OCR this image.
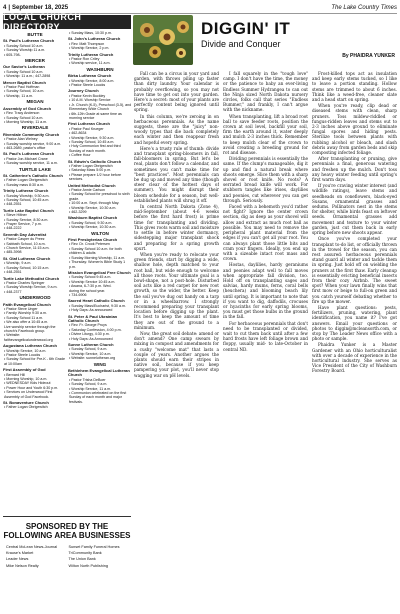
4 | September 18, 2025	The Lake Country Times
LOCAL CHURCH DIRECTORY
BUTTE
St. Paul's Lutheran Church
• Sunday School 10 a.m.
• Sunday Worship 11 a.m.
• 605-798-
MERCER
Our Savior's Lutheran
• Sunday School 10 a.m.
• Worship: 11 a.m.; 447-2898
Mercer Baptist Church
• Pastor Paul Hoffman
• Sunday School, 10 a.m.
• Worship, 11 a.m.
MEGAN
Assembly of God Church
• Rev. Tracy Anderson
• Sunday School 10 a.m.
• Morning Worship, 11 a.m.
RIVERDALE
Riverdale Community Church
• Pastor Alan Welney
• Sunday worship service, 9:00 a.m.
• 463-2689, pastor's office
St. Paul's Lutheran Church
• Pastor Jon-Michael Crane
• Sunday worship service, 11 a.m.
TURTLE LAKE
St. Catherine's Catholic Church
• Father Logan Obrigewitch
• Sunday mass 8:30 a.m.
Trinity Lutheran Church
• Sunday Worship, 9:30 a.m.
• Sunday School, 10:45 a.m.
• 448-2551
Turtle Lake Baptist Church
• Steve Hiltner
• Sunday Service, 8:30 a.m.
• Prayer Service, 7 p.m.
• 448-2222
Seventh Day Adventist
• Pastor Casper du Preez
• Sabbath School, 10 a.m.
• Church Service, 11:15 a.m.
• 485-3998
St. Olaf Lutheran Church
• Worship, 9 a.m.
• Sunday School, 10:15 a.m.
• 448-2551
Turtle Lake Methodist Church
• Pastor Charles Springer
• Sunday Worship Service, 9 a.m.
• 448-2377
UNDERWOOD
Faith Evangelical Church
• Pastor Steve Unger
• Family Worship 9:30 a.m.
• Sunday School 11 a.m.
• We also offer a 10:45 a.m.
Live worship service through the church's Facebook group.
• Website: faithevangelicalunderwood.org
Augustana Lutheran Church
• Worship Service, 10 a.m.
• Pastor Steele Loucks
• Sunday School for Pre-K - 6th Grade at 10:00am
First Assembly of God
• Bernard Hill
• Morning Worship, 10 a.m.
• WEDNESDAY Kids Hideout
• Power Hour and Youth 6:30 p.m.
• Services on Underwood First Assembly of God Facebook.
St. Bonaventure Church
• Father Logan Obrigewitch
• Sunday Mass, 10:30 p.m.
St. John's Lutheran Church
• Rev. Matt Thompson
• Worship Service, 2 p.m.
Trinity Lutheran Church
• Pastor Ron Criley
• Worship service, 11 a.m.
WASHBURN
Birka Lutheran Church
• Worship Service, 8:00 a.m.
• Pastor Steele Loucks
Journey Church
• Pastor Kevin Buckley
• 10 A.M. Worship Service
• Jr. Church (K-5), Preschool (3-5), and Elementary Wide Church
• 6th-12th Grade at same time as morning service
First Lutheran Church
• Pastor Paul Krueger
• 462-8634
• Worship Service, 9:30 a.m.
• Sunday School, 10:45 a.m.
• Holy Communion first and third Sunday of each month.
• Coffee Hour
St. Edwin's Catholic Church
• Father Logan Obrigewitch
• Saturday Mass 5:00 p.m.
• Please prepare 1/2 hour before services.
United Methodist Church
• Pastor Annie Carlson
• Sunday School for preschool to sixth grade.
• 10:00 a.m. Sept. through May.
• Worship Service, 10:30 a.m.
• 462-3299
Washburn Baptist Church
• Sunday School, 9:30 a.m.
• Worship Service, 10:30 a.m.
WILTON
First Presbyterian Church
• Rev. Dr. Crook Petersen
• Sunday School 10 a.m. for both children & adults
• Sunday Morning Worship, 11 a.m.
• Thursday: Women's Bible Study 1 p.m.
Mission Evangelical Free Church
• Sunday School 9:45 a.m.
• Worship Service 10:45 a.m.
• Awana, 6-7:30 p.m. Wed.
during the school year.
• 734-6906
Sacred Heart Catholic Church
• Sunday Mass/Eucharist, 9:30 a.m.
• Holy Days: As announced
St. Peter & Paul Ukrainian Catholic Church
• Rev. Fr. George Pruys
• Saturday Confession, 4:00 p.m.
• Divine Liturgy, 4:30 p.m.
• Holy Days: As Announced
Sunne Lutheran Church
• Sunday School, 9 a.m.
• Worship Service, 10 a.m.
• Website: sunnelutheran.org
WING
Bethlehem Evangelical Lutheran Church
• Pastor Trisha DeBoer
• Sunday School, 9 a.m.
• Worship Service, 11 a.m.
• Communion celebrated on the first Sunday of each month and major festivals.
SPONSORED BY THE FOLLOWING AREA BUSINESSES
Central McLean News-Journal	Sunset Family Funeral Homes
Krause's Market	TriCommunity Bank
Leader News	The Union Bank
Mike Nelson Realty	Wilton North Publishing
DIGGIN' IT
Divide and Conquer
By PHAIDRA YUNKER

Fall can be a circus in your yard and garden, with throws piling up faster than dirty laundry. Your calendar is probably overflowing, so you may not have time to get out into your garden. Here's a secret: most of your plants are perfectly content being ignored until spring.

In this column, we're zeroing in on herbaceous perennials. As the name suggests, these are the "juicy" non-woody types that die back completely each winter and then reappear fresh and hopeful every spring.

Here's a trusty rule of thumb: divide and transplant spring-bloomers in fall, fall-bloomers in spring. But let's be real, plants don't follow a calendar, and sometimes you can't make time for "best practices". Most perennials can be dug up and moved any time (though steer clear of the hottest days of summer). You might disrupt their bloom schedule for a season, but well-established plants will shrug it off.

In central North Dakota (Zone 4), mid-September (about 4-6 weeks before the first hard frost) is prime time for transplanting and dividing. This gives roots warm soil and moisture to settle in before winter dormancy, sidestepping major transplant shock and preparing for a spring growth spurt.

When you're ready to relocate your green friends, start by digging a wide, shallow hole, depth matched to your root ball, but wide enough to welcome all those roots. Your ultimate goal is a bowl-shape, not a post-hole. Disturbed soil acts like a red carpet for new root growth, so the wider, the better. Keep the soil you've dug out handy on a tarp or in a wheelbarrow. I strongly recommend preparing your transplant location before digging up the plant. It's best to keep the amount of time they are out of the ground to a minimum.

Now, the great soil debate: amend or don't amend? One camp swears by mixing in compost and amendments for a cushy "welcome mat" that lasts a couple of years. Another argues the plants should earn their stripes in native soil, because if you keep pampering your plot, you'll never stop wagging war on pH levels.

I fall squarely in the "tough love" camp. I don't have the time, the money or the patience to baby an ever-living Endless Summer Hydrangea to can out the Ninja sized North Dakota nursery circles, folks call that series "Endless Bummer," and frankly, I can't argue with the nickname.

When transplanting, lift a broad root ball to save feeder roots, position the crown at soil level, backfill your soil, firm the earth around it, water deeply and mulch 2-3 inches thick. Remember to keep mulch clear of the crown to avoid creating a breeding ground for rot and disease.

Dividing perennials is essentially the same. If the clump's manageable, dig it up and find a natural break where shoots emerge. Slice them with a sharp shovel or root knife. No roots? A serrated bread knife will work. For stubborn tangles like irises, daylilies and peonies, cut wherever you can get through. Seriously.

Faced with a behemoth you'd rather not fight? Ignore the center crown section, dig as deep as your shovel will allow and extract as much root ball as possible. You may need to remove the peripheral plant material from the edges if you can't get all your root. You can always plant those little bits and cram your fingers. Ideally, you end up with a sizeable intact root mass and crown.

Hostas, daylilies, hardy geraniums and peonies adapt well to fall moves when appropriate fall division, too. Hold off on transplanting sages and salvias, hardy mums, ferns, coral bells (heuchera) and blooming beach lily until spring. It is important to note that if you want to dig, daffodils, crocuses or hyacinths for early spring blooms, you must get those bulbs in the ground in the fall.

For herbaceous perennials that don't need to be transplanted or divided, wait to cut them back until after a few hard frosts have left foliage brown and floppy, usually mid- to late-October in central ND.

Frost-killed tops act as insulation and keep early stems tucked, so I like to leave a portion standing. Hollow stems are trimmed to about 6 inches. Think like a weed-free, cleaner slate and a head start on spring.

When you're ready, clip dead or diseased stems with clean, sharp pruners. Toss mildew-riddled or fungus-ridden leaves and stems out to 2-3 inches above ground to eliminate fungal spores and hiding pests. Sterilize tools between plants with rubbing alcohol or bleach, and slash debris away from garden beds and skip composting infected foliage.

After transplanting or pruning, give perennials a final, generous watering and freshen up the mulch. Don't toss any heavy winter feeding until spring's first warm days.

If you're craving winter interest (and wildlife ratings), leave stems and seedheads on coneflowers, black-eyed Susans, ornamental grasses and sedums. Pollinators nest in the stems for shelter, while birds feast on leftover seeds. Ornamental grasses add movement and texture to your winter garden, just cut them back in early spring before new shoots appear.

Once you've completed your transplant to-do list, or officially thrown in the trowel for the season, you can rest assured: herbaceous perennials stand guard all winter and tackle them in spring. Just hold off on wielding the pruners at the first thaw. Early cleanup is essentially evicting beneficial insects from their cozy Airbnb. The sweet spot? When your lawn finally wins that first mow or beige to full-on green and you catch yourself debating whether to fire up the mower.

Have plant questions: pests, fertilizers, pruning, watering, plant identification, you name it? I've got answers. Email your questions or photos to diggin@mcleansorth.com, or stop by The Leader News office with a photo or sample.

Phaidra Yunker is a Master Gardener with an Ohio horticulturalist with over a decade of experience in the horticultural industry. She serves as Vice President of the City of Washburn Forestry Board.
